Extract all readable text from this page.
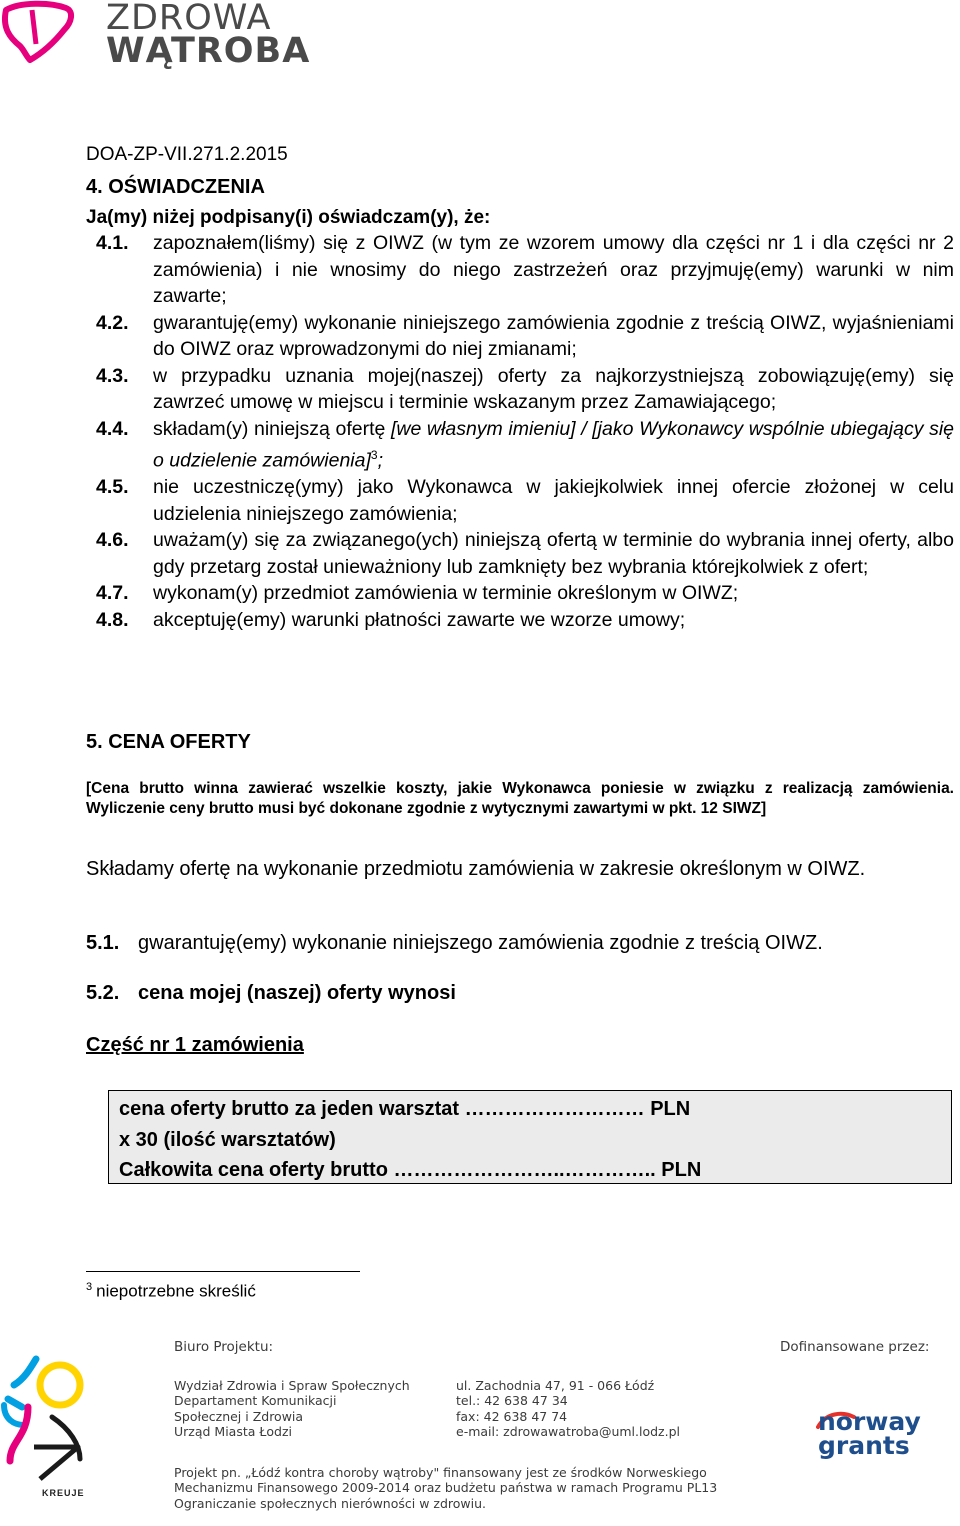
ZDROWA
WĄTROBA
DOA-ZP-VII.271.2.2015
4. OŚWIADCZENIA
Ja(my) niżej podpisany(i) oświadczam(y), że:
4.1.	zapoznałem(liśmy) się z OIWZ (w tym ze wzorem umowy dla części nr 1 i dla części nr 2 zamówienia) i nie wnosimy do niego zastrzeżeń oraz przyjmuję(emy) warunki w nim zawarte;
4.2.	gwarantuję(emy) wykonanie niniejszego zamówienia zgodnie z treścią OIWZ, wyjaśnieniami do OIWZ oraz wprowadzonymi do niej zmianami;
4.3.	w przypadku uznania mojej(naszej) oferty za najkorzystniejszą zobowiązuję(emy) się zawrzeć umowę w miejscu i terminie wskazanym przez Zamawiającego;
4.4.	składam(y) niniejszą ofertę [we własnym imieniu] / [jako Wykonawcy wspólnie ubiegający się o udzielenie zamówienia]$^3$;
4.5.	nie uczestniczę(ymy) jako Wykonawca w jakiejkolwiek innej ofercie złożonej w celu udzielenia niniejszego zamówienia;
4.6.	uważam(y) się za związanego(ych) niniejszą ofertą w terminie do wybrania innej oferty, albo gdy przetarg został unieważniony lub zamknięty bez wybrania którejkolwiek z ofert;
4.7.	wykonam(y) przedmiot zamówienia w terminie określonym w OIWZ;
4.8.	akceptuję(emy) warunki płatności zawarte we wzorze umowy;
5. CENA OFERTY
[Cena brutto winna zawierać wszelkie koszty, jakie Wykonawca poniesie w związku z realizacją zamówienia. Wyliczenie ceny brutto musi być dokonane zgodnie z wytycznymi zawartymi w pkt. 12 SIWZ]
Składamy ofertę na wykonanie przedmiotu zamówienia w zakresie określonym w OIWZ.
5.1. gwarantuję(emy) wykonanie niniejszego zamówienia zgodnie z treścią OIWZ.
5.2. cena mojej (naszej) oferty wynosi
Część nr 1 zamówienia
cena oferty brutto za jeden warsztat ……………………… PLN
x 30 (ilość warsztatów)
Całkowita cena oferty brutto ……………………..………….. PLN
$^3$ niepotrzebne skreślić
KREUJE
Biuro Projektu:
Wydział Zdrowia i Spraw Społecznych
Departament Komunikacji
Społecznej i Zdrowia
Urząd Miasta Łodzi
ul. Zachodnia 47, 91 - 066 Łódź
tel.: 42 638 47 34
fax: 42 638 47 74
e-mail: zdrowawatroba@uml.lodz.pl
Dofinansowane przez:
norway
grants
Projekt pn. „Łódź kontra choroby wątroby" finansowany jest ze środków Norweskiego
Mechanizmu Finansowego 2009-2014 oraz budżetu państwa w ramach Programu PL13
Ograniczanie społecznych nierówności w zdrowiu.
